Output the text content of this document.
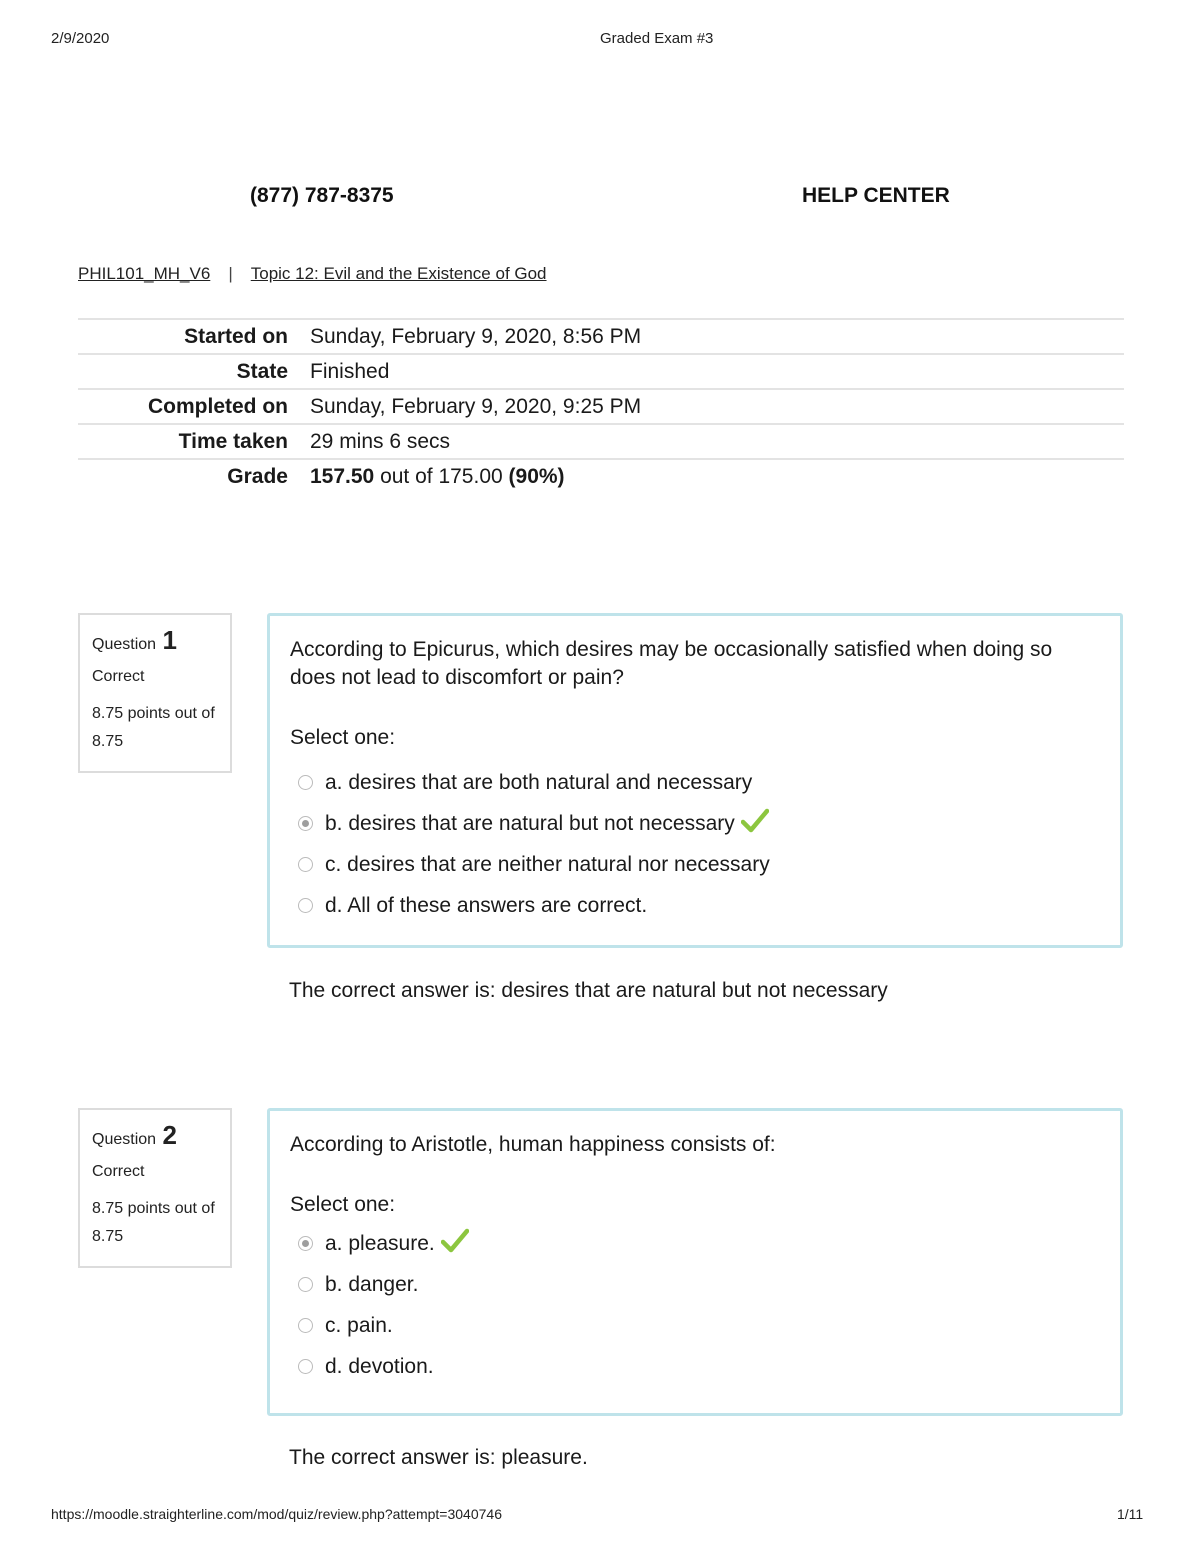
2/9/2020	Graded Exam #3
(877) 787-8375	HELP CENTER
PHIL101_MH_V6 | Topic 12: Evil and the Existence of God
Started on	Sunday, February 9, 2020, 8:56 PM
State	Finished
Completed on	Sunday, February 9, 2020, 9:25 PM
Time taken	29 mins 6 secs
Grade	157.50 out of 175.00 (90%)
Question 1
Correct
8.75 points out of 8.75
According to Epicurus, which desires may be occasionally satisfied when doing so does not lead to discomfort or pain?
Select one:
a. desires that are both natural and necessary
b. desires that are natural but not necessary
c. desires that are neither natural nor necessary
d. All of these answers are correct.
The correct answer is: desires that are natural but not necessary
Question 2
Correct
8.75 points out of 8.75
According to Aristotle, human happiness consists of:
Select one:
a. pleasure.
b. danger.
c. pain.
d. devotion.
The correct answer is: pleasure.
https://moodle.straighterline.com/mod/quiz/review.php?attempt=3040746	1/11
